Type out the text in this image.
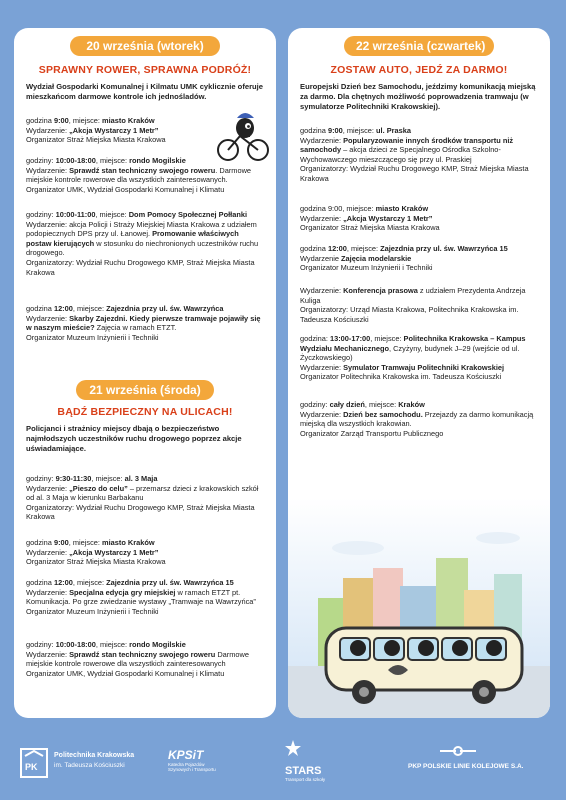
20 września (wtorek)
SPRAWNY ROWER, SPRAWNA PODRÓŻ!
Wydział Gospodarki Komunalnej i Kilmatu UMK cyklicznie oferuje mieszkańcom darmowe kontrole ich jednośladów.
godzina 9:00, miejsce: miasto Kraków
Wydarzenie: „Akcja Wystarczy 1 Metr”
Organizator Straż Miejska Miasta Krakowa
godziny: 10:00-18:00, miejsce: rondo Mogilskie
Wydarzenie: Sprawdź stan techniczny swojego roweru. Darmowe miejskie kontrole rowerowe dla wszystkich zainteresowanych.
Organizator UMK, Wydział Gospodarki Komunalnej i Klimatu
godziny: 10:00-11:00, miejsce: Dom Pomocy Społecznej Połłanki
Wydarzenie: akcja Policji i Straży Miejskiej Miasta Krakowa z udziałem podopiecznych DPS przy ul. Łanowej. Promowanie właściwych postaw kierujących w stosunku do niechronionych uczestników ruchu drogowego.
Organizatorzy: Wydział Ruchu Drogowego KMP, Straż Miejska Miasta Krakowa
godzina 12:00, miejsce: Zajezdnia przy ul. św. Wawrzyńca
Wydarzenie: Skarby Zajezdni. Kiedy pierwsze tramwaje pojawiły się w naszym mieście? Zajęcia w ramach ETZT.
Organizator Muzeum Inżynierii i Techniki
21 września (środa)
BĄDŹ BEZPIECZNY NA ULICACH!
Policjanci i strażnicy miejscy dbają o bezpieczeństwo najmłodszych uczestników ruchu drogowego poprzez akcje uświadamiające.
godziny: 9:30-11:30, miejsce: al. 3 Maja
Wydarzenie: „Pieszo do celu” – przemarsz dzieci z krakowskich szkół od al. 3 Maja w kierunku Barbakanu
Organizatorzy: Wydział Ruchu Drogowego KMP, Straż Miejska Miasta Krakowa
godzina 9:00, miejsce: miasto Kraków
Wydarzenie: „Akcja Wystarczy 1 Metr”
Organizator Straż Miejska Miasta Krakowa
godzina 12:00, miejsce: Zajezdnia przy ul. św. Wawrzyńca 15
Wydarzenie: Specjalna edycja gry miejskiej w ramach ETZT pt. Komunikacja. Po grze zwiedzanie wystawy „Tramwaje na Wawrzyńca”
Organizator Muzeum Inżynierii i Techniki
godziny: 10:00-18:00, miejsce: rondo Mogilskie
Wydarzenie: Sprawdź stan techniczny swojego roweru Darmowe miejskie kontrole rowerowe dla wszystkich zainteresowanych
Organizator UMK, Wydział Gospodarki Komunalnej i Klimatu
22 września (czwartek)
ZOSTAW AUTO, JEDŹ ZA DARMO!
Europejski Dzień bez Samochodu, jeździmy komunikacją miejską za darmo. Dla chętnych możliwość poprowadzenia tramwaju (w symulatorze Politechniki Krakowskiej).
godzina 9:00, miejsce: ul. Praska
Wydarzenie: Popularyzowanie innych środków transportu niż samochody – akcja dzieci ze Specjalnego Ośrodka Szkolno-Wychowawczego mieszczącego się przy ul. Praskiej
Organizatorzy: Wydział Ruchu Drogowego KMP, Straż Miejska Miasta Krakowa
godzina 9:00, miejsce: miasto Kraków
Wydarzenie: „Akcja Wystarczy 1 Metr”
Organizator Straż Miejska Miasta Krakowa
godzina 12:00, miejsce: Zajezdnia przy ul. św. Wawrzyńca 15
Wydarzenie Zajęcia modelarskie
Organizator Muzeum Inżynierii i Techniki
Wydarzenie: Konferencja prasowa z udziałem Prezydenta Andrzeja Kuliga
Organizatorzy: Urząd Miasta Krakowa, Politechnika Krakowska im. Tadeusza Kościuszki
godzina: 13:00-17:00, miejsce: Politechnika Krakowska – Kampus Wydziału Mechanicznego, Czyżyny, budynek J–29 (wejście od ul. Życzkowskiego)
Wydarzenie: Symulator Tramwaju Politechniki Krakowskiej
Organizator Politechnika Krakowska im. Tadeusza Kościuszki
godziny: cały dzień, miejsce: Kraków
Wydarzenie: Dzień bez samochodu. Przejazdy za darmo komunikacją miejską dla wszystkich krakowian.
Organizator Zarząd Transportu Publicznego
PK
Politechnika Krakowska
im. Tadeusza Kościuszki
KPSiT
Katedra Pojazdów Szynowych i Transportu	STARS
Transport dla szkoły
PKP POLSKIE LINIE KOLEJOWE S.A.
